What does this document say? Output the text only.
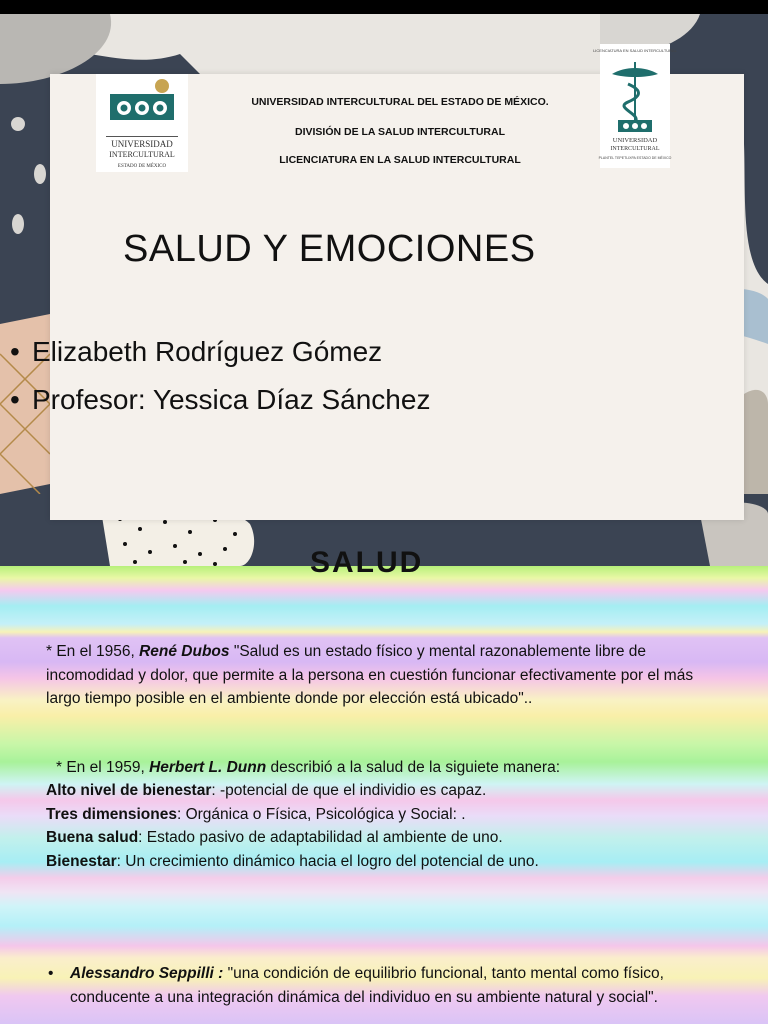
UNIVERSIDAD
INTERCULTURAL
ESTADO DE MÉXICO
LICENCIATURA EN SALUD INTERCULTURAL
UNIVERSIDAD
INTERCULTURAL
PLANTEL TEPETLIXPA ESTADO DE MÉXICO
UNIVERSIDAD INTERCULTURAL DEL ESTADO DE MÉXICO.
DIVISIÓN DE LA SALUD INTERCULTURAL
LICENCIATURA EN LA SALUD INTERCULTURAL
SALUD Y EMOCIONES
• Elizabeth Rodríguez Gómez
• Profesor: Yessica Díaz Sánchez
SALUD
* En el 1956, René Dubos "Salud es un estado físico y mental razonablemente libre de incomodidad y dolor, que permite a la persona en cuestión funcionar efectivamente por el más largo tiempo posible en el ambiente donde por elección está ubicado"..
* En el 1959, Herbert L. Dunn describió a la salud de la siguiete manera:
Alto nivel de bienestar: -potencial de que el individio es capaz.
Tres dimensiones: Orgánica o Física, Psicológica y Social: .
Buena salud: Estado pasivo de adaptabilidad al ambiente de uno.
Bienestar: Un crecimiento dinámico hacia el logro del potencial de uno.
• Alessandro Seppilli : "una condición de equilibrio funcional, tanto mental como físico, conducente a una integración dinámica del individuo en su ambiente natural y social".
